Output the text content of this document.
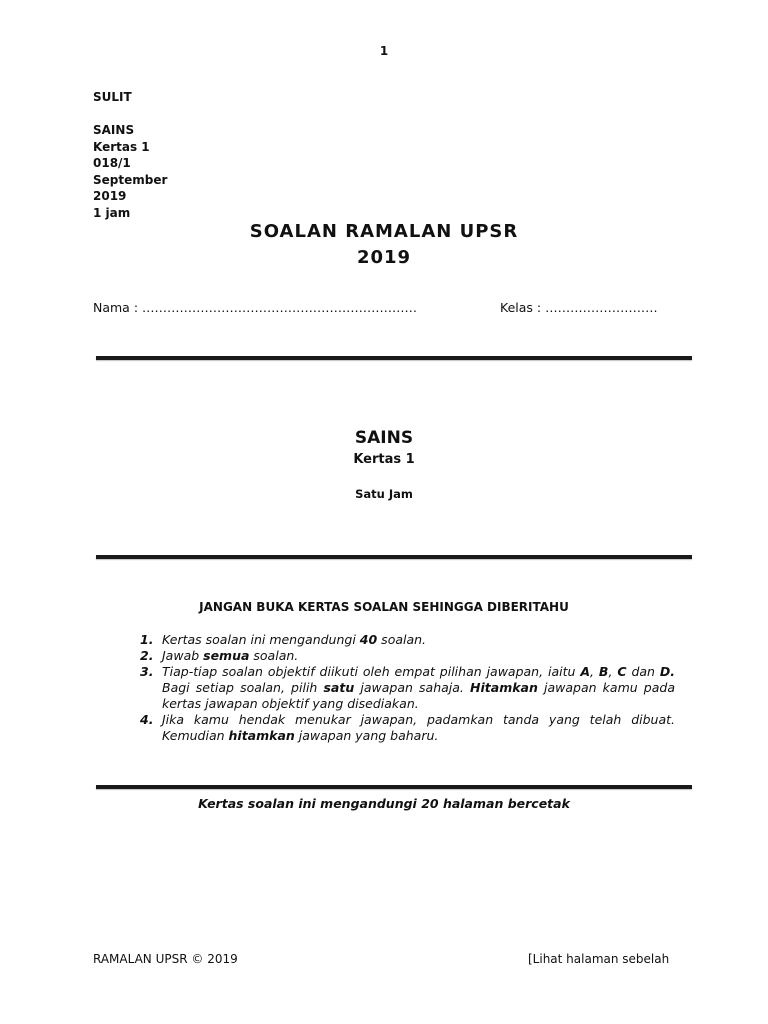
1
SULIT
SAINS
Kertas 1
018/1
September
2019
1 jam
SOALAN RAMALAN UPSR
2019
Nama : …………………………………………………………	Kelas : ………………………
SAINS
Kertas 1
Satu Jam
JANGAN BUKA KERTAS SOALAN SEHINGGA DIBERITAHU
1. Kertas soalan ini mengandungi 40 soalan.
2. Jawab semua soalan.
3. Tiap-tiap soalan objektif diikuti oleh empat pilihan jawapan, iaitu A, B, C dan D. Bagi setiap soalan, pilih satu jawapan sahaja. Hitamkan jawapan kamu pada kertas jawapan objektif yang disediakan.
4. Jika kamu hendak menukar jawapan, padamkan tanda yang telah dibuat. Kemudian hitamkan jawapan yang baharu.
Kertas soalan ini mengandungi 20 halaman bercetak
RAMALAN UPSR © 2019	[Lihat halaman sebelah
